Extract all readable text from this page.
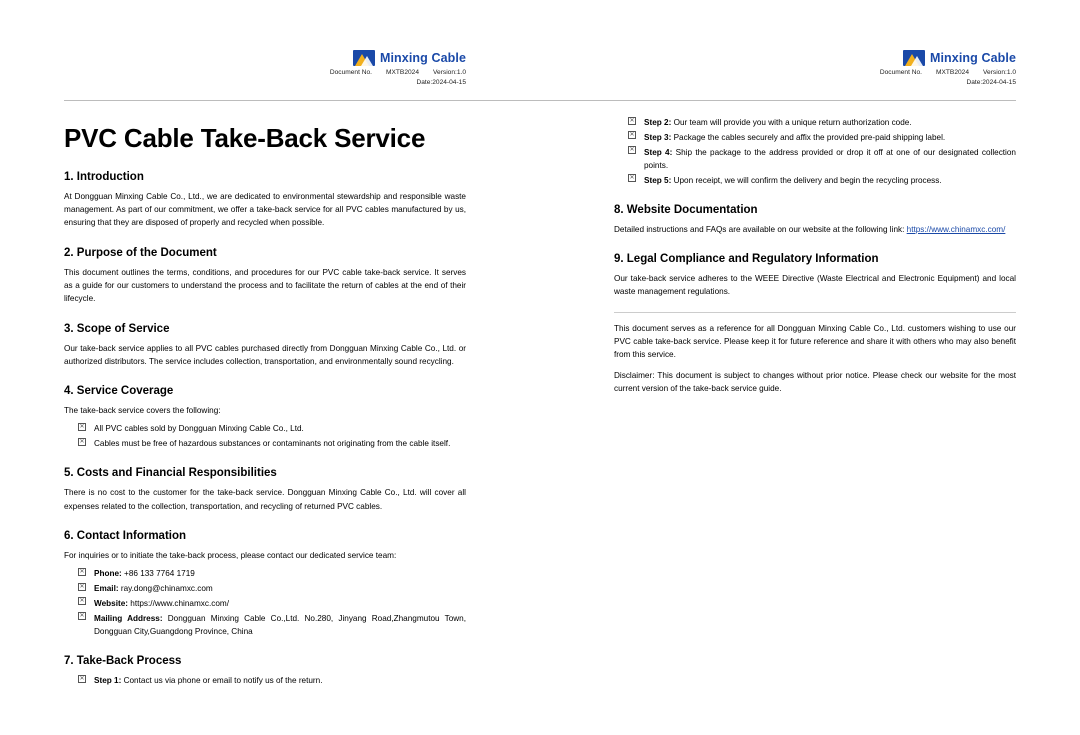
Minxing Cable
Document No. MXTB2024 Version:1.0
Date:2024-04-15
PVC Cable Take-Back Service
1. Introduction

At Dongguan Minxing Cable Co., Ltd., we are dedicated to environmental stewardship and responsible waste management. As part of our commitment, we offer a take-back service for all PVC cables manufactured by us, ensuring that they are disposed of properly and recycled when possible.

2. Purpose of the Document

This document outlines the terms, conditions, and procedures for our PVC cable take-back service. It serves as a guide for our customers to understand the process and to facilitate the return of cables at the end of their lifecycle.

3. Scope of Service

Our take-back service applies to all PVC cables purchased directly from Dongguan Minxing Cable Co., Ltd. or authorized distributors. The service includes collection, transportation, and environmentally sound recycling.

4. Service Coverage

The take-back service covers the following:

✕
All PVC cables sold by Dongguan Minxing Cable Co., Ltd.
✕
Cables must be free of hazardous substances or contaminants not originating from the cable itself.
5. Costs and Financial Responsibilities

There is no cost to the customer for the take-back service. Dongguan Minxing Cable Co., Ltd. will cover all expenses related to the collection, transportation, and recycling of returned PVC cables.

6. Contact Information

For inquiries or to initiate the take-back process, please contact our dedicated service team:

✕
Phone: +86 133 7764 1719
✕
Email: ray.dong@chinamxc.com
✕
Website: https://www.chinamxc.com/
✕
Mailing Address: Dongguan Minxing Cable Co.,Ltd. No.280, Jinyang Road,Zhangmutou Town, Dongguan City,Guangdong Province, China
7. Take-Back Process
✕
Step 1: Contact us via phone or email to notify us of the return.
Minxing Cable
Document No. MXTB2024 Version:1.0
Date:2024-04-15
✕
Step 2: Our team will provide you with a unique return authorization code.
✕
Step 3: Package the cables securely and affix the provided pre-paid shipping label.
✕
Step 4: Ship the package to the address provided or drop it off at one of our designated collection points.
✕
Step 5: Upon receipt, we will confirm the delivery and begin the recycling process.
8. Website Documentation

Detailed instructions and FAQs are available on our website at the following link: https://www.chinamxc.com/

9. Legal Compliance and Regulatory Information

Our take-back service adheres to the WEEE Directive (Waste Electrical and Electronic Equipment) and local waste management regulations.

This document serves as a reference for all Dongguan Minxing Cable Co., Ltd. customers wishing to use our PVC cable take-back service. Please keep it for future reference and share it with others who may also benefit from this service.

Disclaimer: This document is subject to changes without prior notice. Please check our website for the most current version of the take-back service guide.
